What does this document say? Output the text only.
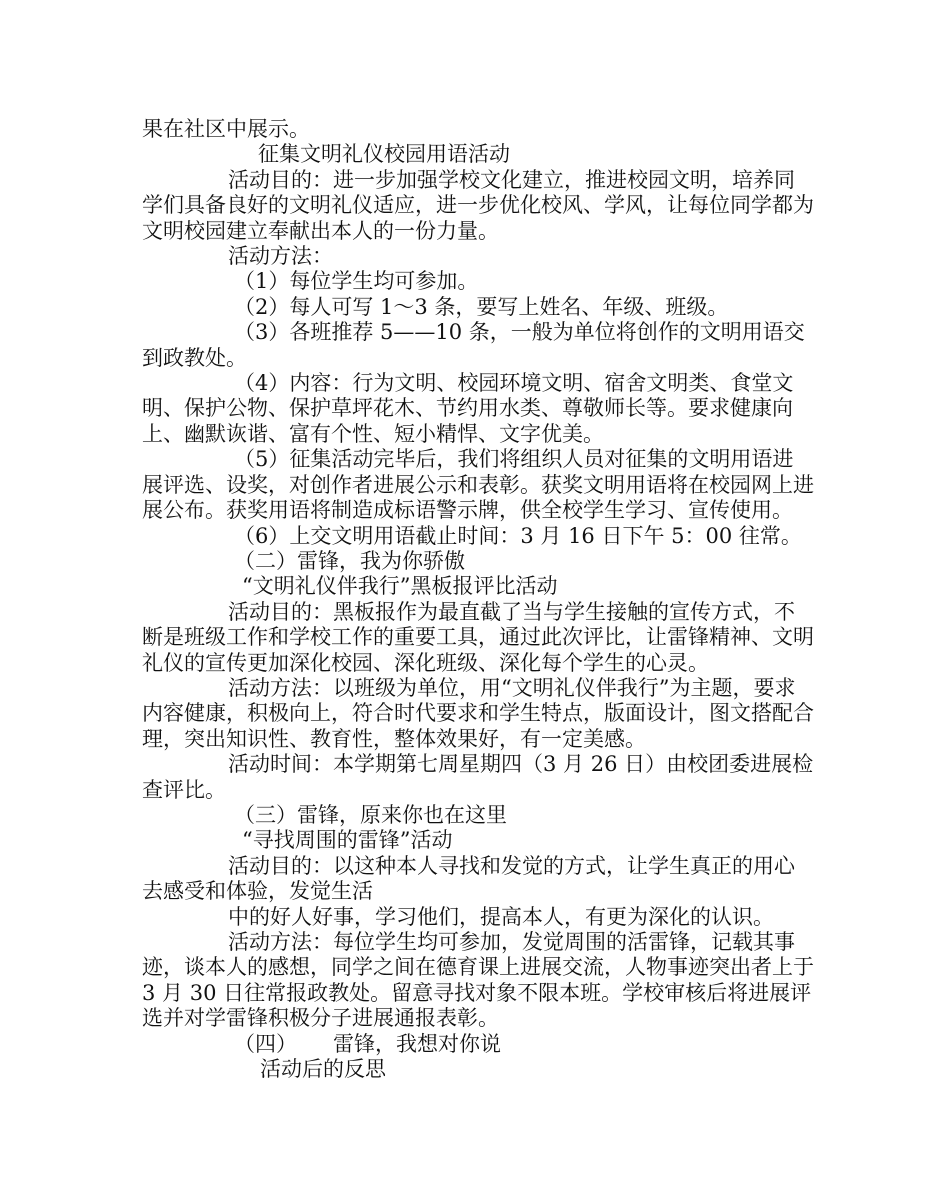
果在社区中展示。

征集文明礼仪校园用语活动

活动目的：进一步加强学校文化建立，推进校园文明，培养同学们具备良好的文明礼仪适应，进一步优化校风、学风，让每位同学都为文明校园建立奉献出本人的一份力量。

活动方法：

（1）每位学生均可参加。

（2）每人可写 1～3 条，要写上姓名、年级、班级。

（3）各班推荐 5——10 条，一般为单位将创作的文明用语交到政教处。

（4）内容：行为文明、校园环境文明、宿舍文明类、食堂文明、保护公物、保护草坪花木、节约用水类、尊敬师长等。要求健康向上、幽默诙谐、富有个性、短小精悍、文字优美。

（5）征集活动完毕后，我们将组织人员对征集的文明用语进展评选、设奖，对创作者进展公示和表彰。获奖文明用语将在校园网上进展公布。获奖用语将制造成标语警示牌，供全校学生学习、宣传使用。

（6）上交文明用语截止时间：3 月 16 日下午 5：00 往常。

（二）雷锋，我为你骄傲

“文明礼仪伴我行”黑板报评比活动

活动目的：黑板报作为最直截了当与学生接触的宣传方式，不断是班级工作和学校工作的重要工具，通过此次评比，让雷锋精神、文明礼仪的宣传更加深化校园、深化班级、深化每个学生的心灵。

活动方法：以班级为单位，用“文明礼仪伴我行”为主题，要求内容健康，积极向上，符合时代要求和学生特点，版面设计，图文搭配合理，突出知识性、教育性，整体效果好，有一定美感。

活动时间：本学期第七周星期四（3 月 26 日）由校团委进展检查评比。

（三）雷锋，原来你也在这里

“寻找周围的雷锋”活动

活动目的：以这种本人寻找和发觉的方式，让学生真正的用心去感受和体验，发觉生活

中的好人好事，学习他们，提高本人，有更为深化的认识。

活动方法：每位学生均可参加，发觉周围的活雷锋，记载其事迹，谈本人的感想，同学之间在德育课上进展交流，人物事迹突出者上于 3 月 30 日往常报政教处。留意寻找对象不限本班。学校审核后将进展评选并对学雷锋积极分子进展通报表彰。

（四） 雷锋，我想对你说

活动后的反思
